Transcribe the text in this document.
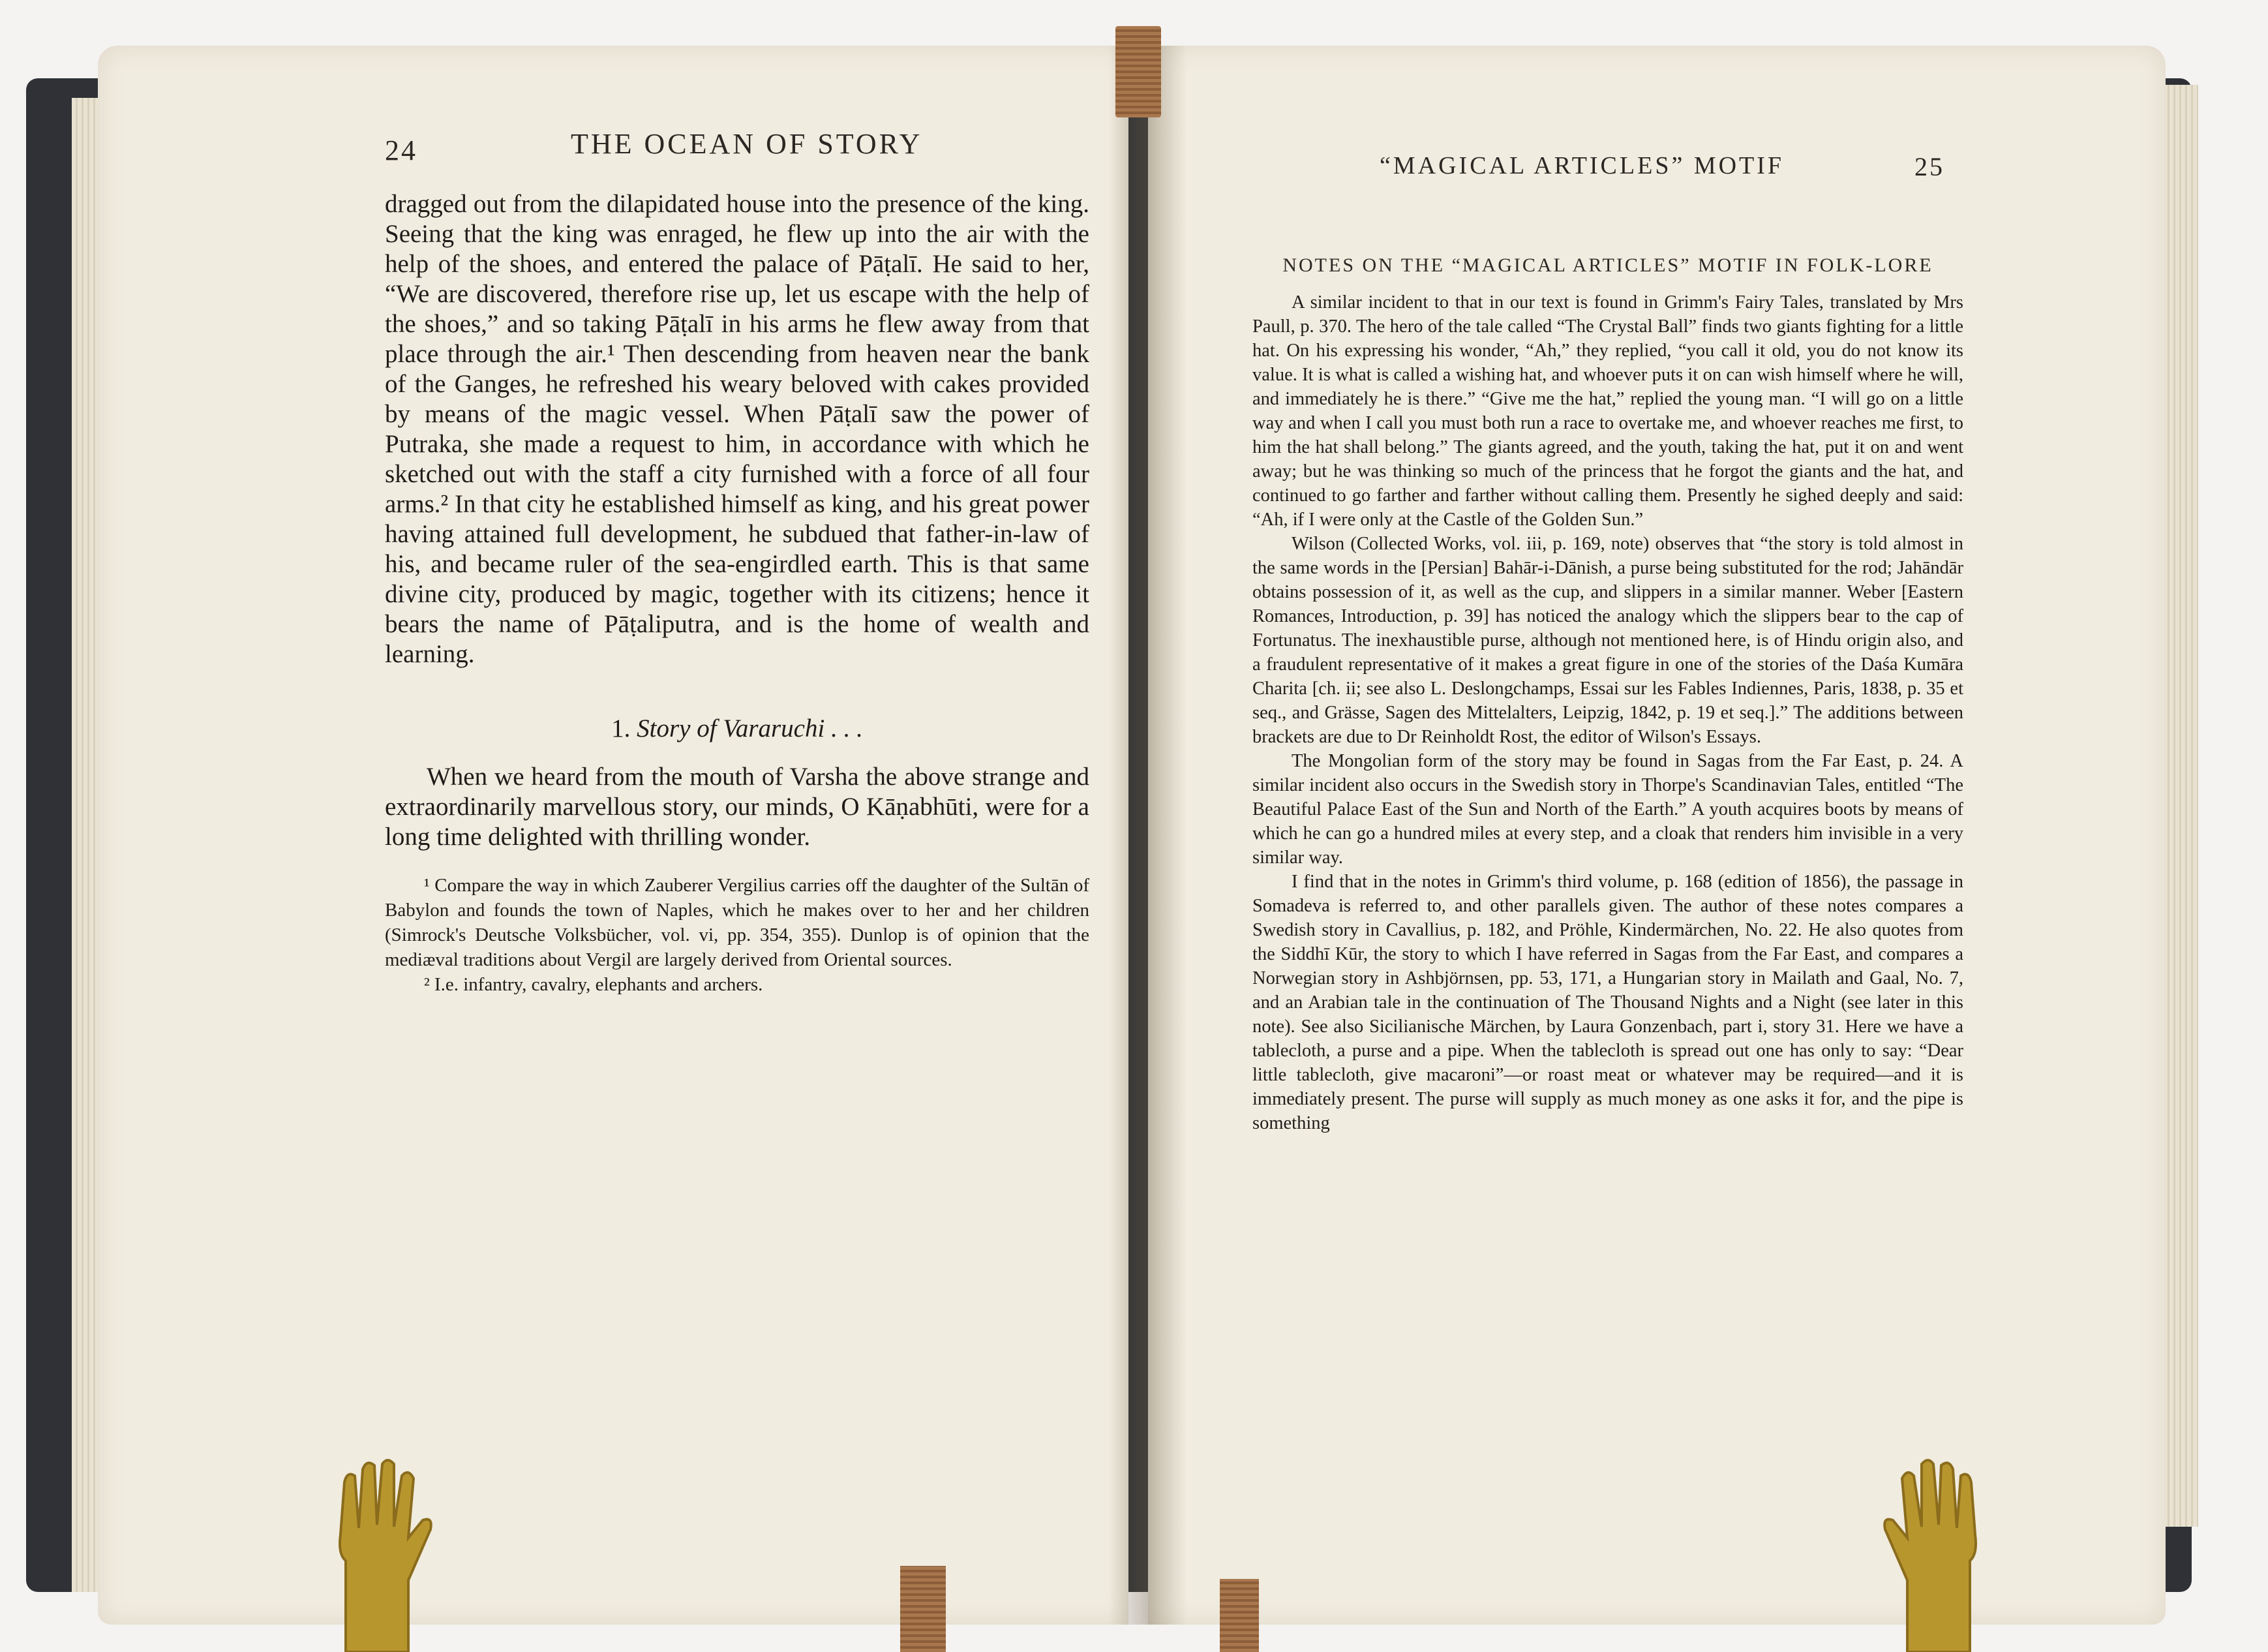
24	THE OCEAN OF STORY

dragged out from the dilapidated house into the presence of the king. Seeing that the king was enraged, he flew up into the air with the help of the shoes, and entered the palace of Pāṭalī. He said to her, “We are discovered, therefore rise up, let us escape with the help of the shoes,” and so taking Pāṭalī in his arms he flew away from that place through the air.¹ Then descending from heaven near the bank of the Ganges, he refreshed his weary beloved with cakes provided by means of the magic vessel. When Pāṭalī saw the power of Putraka, she made a request to him, in accordance with which he sketched out with the staff a city furnished with a force of all four arms.² In that city he established himself as king, and his great power having attained full development, he subdued that father-in-law of his, and became ruler of the sea-engirdled earth. This is that same divine city, produced by magic, together with its citizens; hence it bears the name of Pāṭaliputra, and is the home of wealth and learning.

1. Story of Vararuchi . . .

When we heard from the mouth of Varsha the above strange and extraordinarily marvellous story, our minds, O Kāṇabhūti, were for a long time delighted with thrilling wonder.

¹ Compare the way in which Zauberer Vergilius carries off the daughter of the Sultān of Babylon and founds the town of Naples, which he makes over to her and her children (Simrock's Deutsche Volksbücher, vol. vi, pp. 354, 355). Dunlop is of opinion that the mediæval traditions about Vergil are largely derived from Oriental sources.

² I.e. infantry, cavalry, elephants and archers.

“MAGICAL ARTICLES” MOTIF	25
NOTES ON THE “MAGICAL ARTICLES” MOTIF IN FOLK-LORE

A similar incident to that in our text is found in Grimm's Fairy Tales, translated by Mrs Paull, p. 370. The hero of the tale called “The Crystal Ball” finds two giants fighting for a little hat. On his expressing his wonder, “Ah,” they replied, “you call it old, you do not know its value. It is what is called a wishing hat, and whoever puts it on can wish himself where he will, and immediately he is there.” “Give me the hat,” replied the young man. “I will go on a little way and when I call you must both run a race to overtake me, and whoever reaches me first, to him the hat shall belong.” The giants agreed, and the youth, taking the hat, put it on and went away; but he was thinking so much of the princess that he forgot the giants and the hat, and continued to go farther and farther without calling them. Presently he sighed deeply and said: “Ah, if I were only at the Castle of the Golden Sun.”

Wilson (Collected Works, vol. iii, p. 169, note) observes that “the story is told almost in the same words in the [Persian] Bahār-i-Dānish, a purse being substituted for the rod; Jahāndār obtains possession of it, as well as the cup, and slippers in a similar manner. Weber [Eastern Romances, Introduction, p. 39] has noticed the analogy which the slippers bear to the cap of Fortunatus. The inexhaustible purse, although not mentioned here, is of Hindu origin also, and a fraudulent representative of it makes a great figure in one of the stories of the Daśa Kumāra Charita [ch. ii; see also L. Deslongchamps, Essai sur les Fables Indiennes, Paris, 1838, p. 35 et seq., and Grässe, Sagen des Mittelalters, Leipzig, 1842, p. 19 et seq.].” The additions between brackets are due to Dr Reinholdt Rost, the editor of Wilson's Essays.

The Mongolian form of the story may be found in Sagas from the Far East, p. 24. A similar incident also occurs in the Swedish story in Thorpe's Scandinavian Tales, entitled “The Beautiful Palace East of the Sun and North of the Earth.” A youth acquires boots by means of which he can go a hundred miles at every step, and a cloak that renders him invisible in a very similar way.

I find that in the notes in Grimm's third volume, p. 168 (edition of 1856), the passage in Somadeva is referred to, and other parallels given. The author of these notes compares a Swedish story in Cavallius, p. 182, and Pröhle, Kindermärchen, No. 22. He also quotes from the Siddhī Kūr, the story to which I have referred in Sagas from the Far East, and compares a Norwegian story in Ashbjörnsen, pp. 53, 171, a Hungarian story in Mailath and Gaal, No. 7, and an Arabian tale in the continuation of The Thousand Nights and a Night (see later in this note). See also Sicilianische Märchen, by Laura Gonzenbach, part i, story 31. Here we have a tablecloth, a purse and a pipe. When the tablecloth is spread out one has only to say: “Dear little tablecloth, give macaroni”—or roast meat or whatever may be required—and it is immediately present. The purse will supply as much money as one asks it for, and the pipe is something
